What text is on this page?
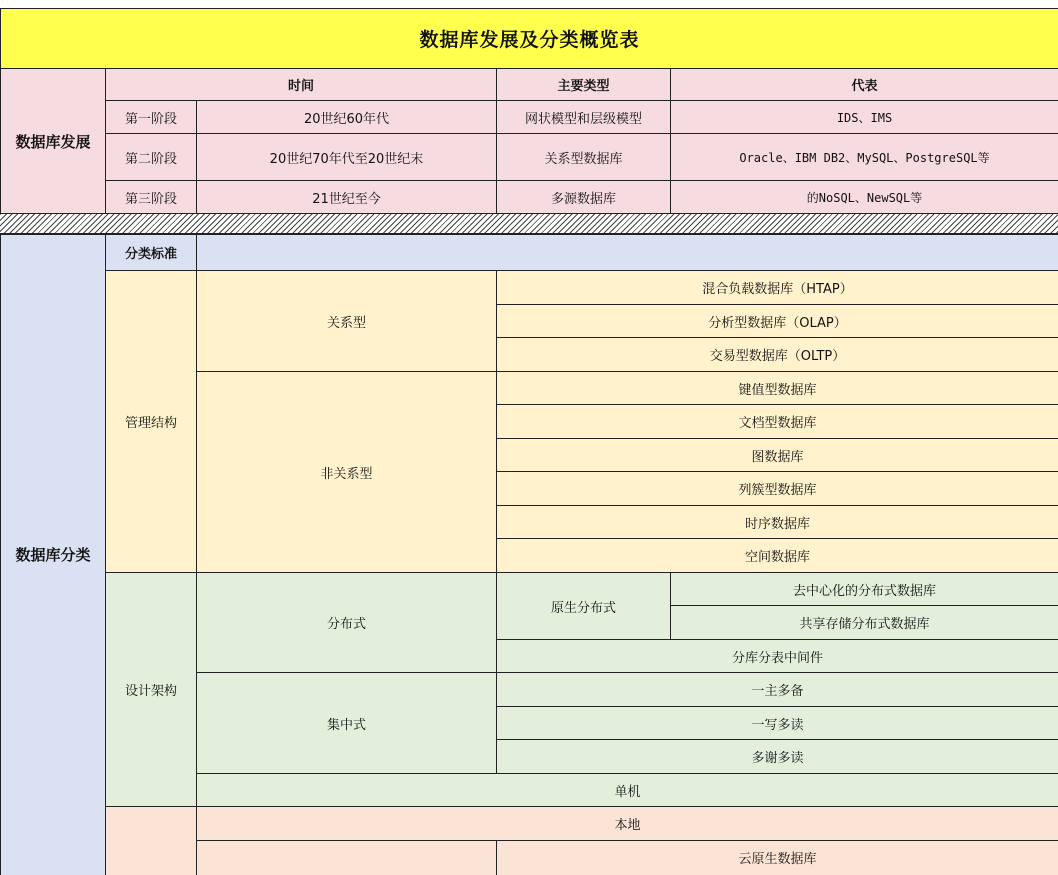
数据库发展及分类概览表				
数据库发展	时间		主要类型	代表
	第一阶段	20世纪60年代	网状模型和层级模型	IDS、IMS
	第二阶段	20世纪70年代至20世纪末	关系型数据库	Oracle、IBM DB2、MySQL、PostgreSQL等
	第三阶段	21世纪至今	多源数据库	的NoSQL、NewSQL等
数据库分类	分类标准			
	管理结构	关系型	混合负载数据库（HTAP）	
			分析型数据库（OLAP）	
			交易型数据库（OLTP）	
		非关系型	键值型数据库	
			文档型数据库	
			图数据库	
			列簇型数据库	
			时序数据库	
			空间数据库	
	设计架构	分布式	原生分布式	去中心化的分布式数据库
				共享存储分布式数据库
			分库分表中间件	
		集中式	一主多备	
			一写多读	
			多谢多读	
		单机		
		本地		
			云原生数据库	
